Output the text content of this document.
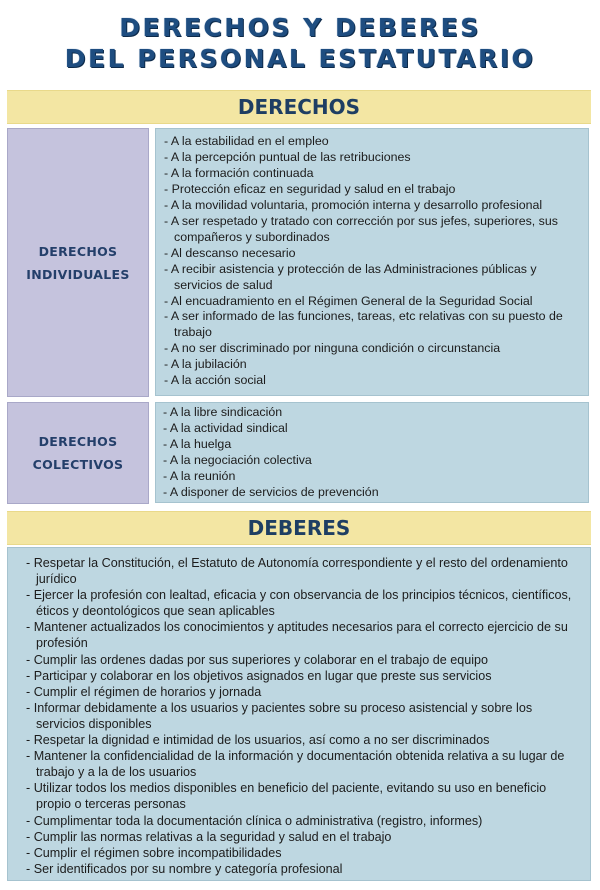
DERECHOS Y DEBERES
DEL PERSONAL ESTATUTARIO
DERECHOS
DERECHOS
INDIVIDUALES
- A la estabilidad en el empleo
- A la percepción puntual de las retribuciones
- A la formación continuada
- Protección eficaz en seguridad y salud en el trabajo
- A la movilidad voluntaria, promoción interna y desarrollo profesional
- A ser respetado y tratado con corrección por sus jefes, superiores, sus compañeros y subordinados
- Al descanso necesario
- A recibir asistencia y protección de las Administraciones públicas y servicios de salud
- Al encuadramiento en el Régimen General de la Seguridad Social
- A ser informado de las funciones, tareas, etc relativas con su puesto de trabajo
- A no ser discriminado por ninguna condición o circunstancia
- A la jubilación
- A la acción social
DERECHOS
COLECTIVOS
- A la libre sindicación
- A la actividad sindical
- A la huelga
- A la negociación colectiva
- A la reunión
- A disponer de servicios de prevención
DEBERES
- Respetar la Constitución, el Estatuto de Autonomía correspondiente y el resto del ordenamiento jurídico
- Ejercer la profesión con lealtad, eficacia y con observancia de los principios técnicos, científicos, éticos y deontológicos que sean aplicables
- Mantener actualizados los conocimientos y aptitudes necesarios para el correcto ejercicio de su profesión
- Cumplir las ordenes dadas por sus superiores y colaborar en el trabajo de equipo
- Participar y colaborar en los objetivos asignados en lugar que preste sus servicios
- Cumplir el régimen de horarios y jornada
- Informar debidamente a los usuarios y pacientes sobre su proceso asistencial y sobre los servicios disponibles
- Respetar la dignidad e intimidad de los usuarios, así como a no ser discriminados
- Mantener la confidencialidad de la información y documentación obtenida relativa a su lugar de trabajo y a la de los usuarios
- Utilizar todos los medios disponibles en beneficio del paciente, evitando su uso en beneficio propio o terceras personas
- Cumplimentar toda la documentación clínica o administrativa (registro, informes)
- Cumplir las normas relativas a la seguridad y salud en el trabajo
- Cumplir el régimen sobre incompatibilidades
- Ser identificados por su nombre y categoría profesional
